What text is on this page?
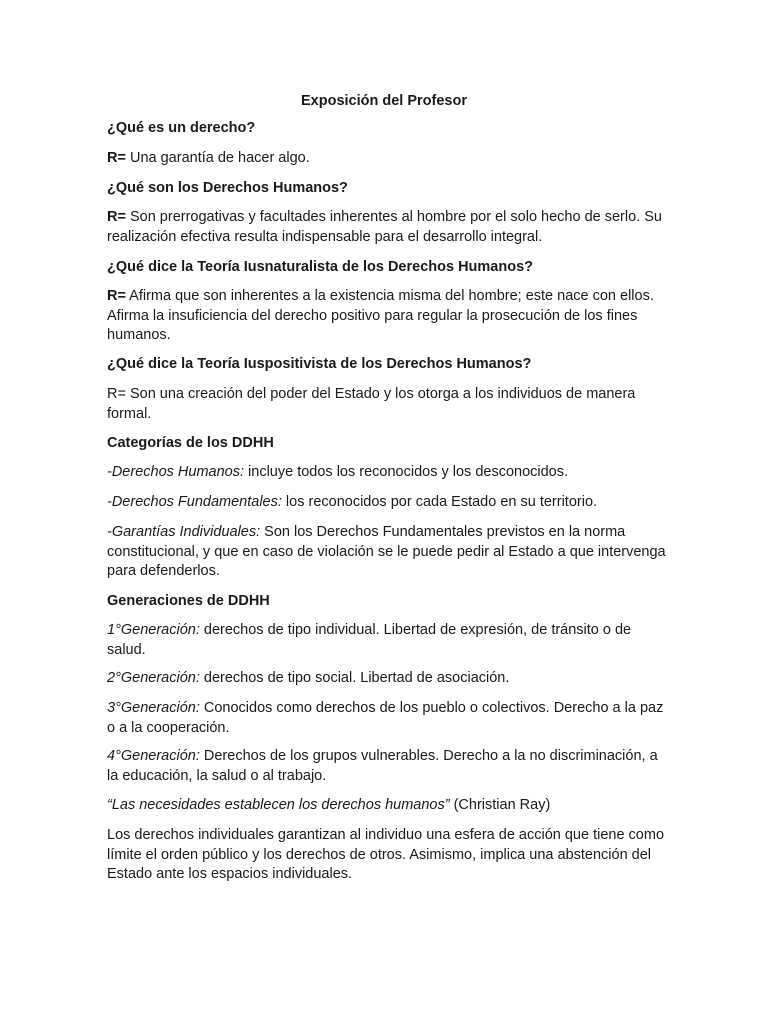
Exposición del Profesor

¿Qué es un derecho?

R= Una garantía de hacer algo.

¿Qué son los Derechos Humanos?

R= Son prerrogativas y facultades inherentes al hombre por el solo hecho de serlo. Su realización efectiva resulta indispensable para el desarrollo integral.

¿Qué dice la Teoría Iusnaturalista de los Derechos Humanos?

R= Afirma que son inherentes a la existencia misma del hombre; este nace con ellos. Afirma la insuficiencia del derecho positivo para regular la prosecución de los fines humanos.

¿Qué dice la Teoría Iuspositivista de los Derechos Humanos?

R= Son una creación del poder del Estado y los otorga a los individuos de manera formal.

Categorías de los DDHH

-Derechos Humanos: incluye todos los reconocidos y los desconocidos.

-Derechos Fundamentales: los reconocidos por cada Estado en su territorio.

-Garantías Individuales: Son los Derechos Fundamentales previstos en la norma constitucional, y que en caso de violación se le puede pedir al Estado a que intervenga para defenderlos.

Generaciones de DDHH

1°Generación: derechos de tipo individual. Libertad de expresión, de tránsito o de salud.

2°Generación: derechos de tipo social. Libertad de asociación.

3°Generación: Conocidos como derechos de los pueblo o colectivos. Derecho a la paz o a la cooperación.

4°Generación: Derechos de los grupos vulnerables. Derecho a la no discriminación, a la educación, la salud o al trabajo.

“Las necesidades establecen los derechos humanos” (Christian Ray)

Los derechos individuales garantizan al individuo una esfera de acción que tiene como límite el orden público y los derechos de otros. Asimismo, implica una abstención del Estado ante los espacios individuales.
